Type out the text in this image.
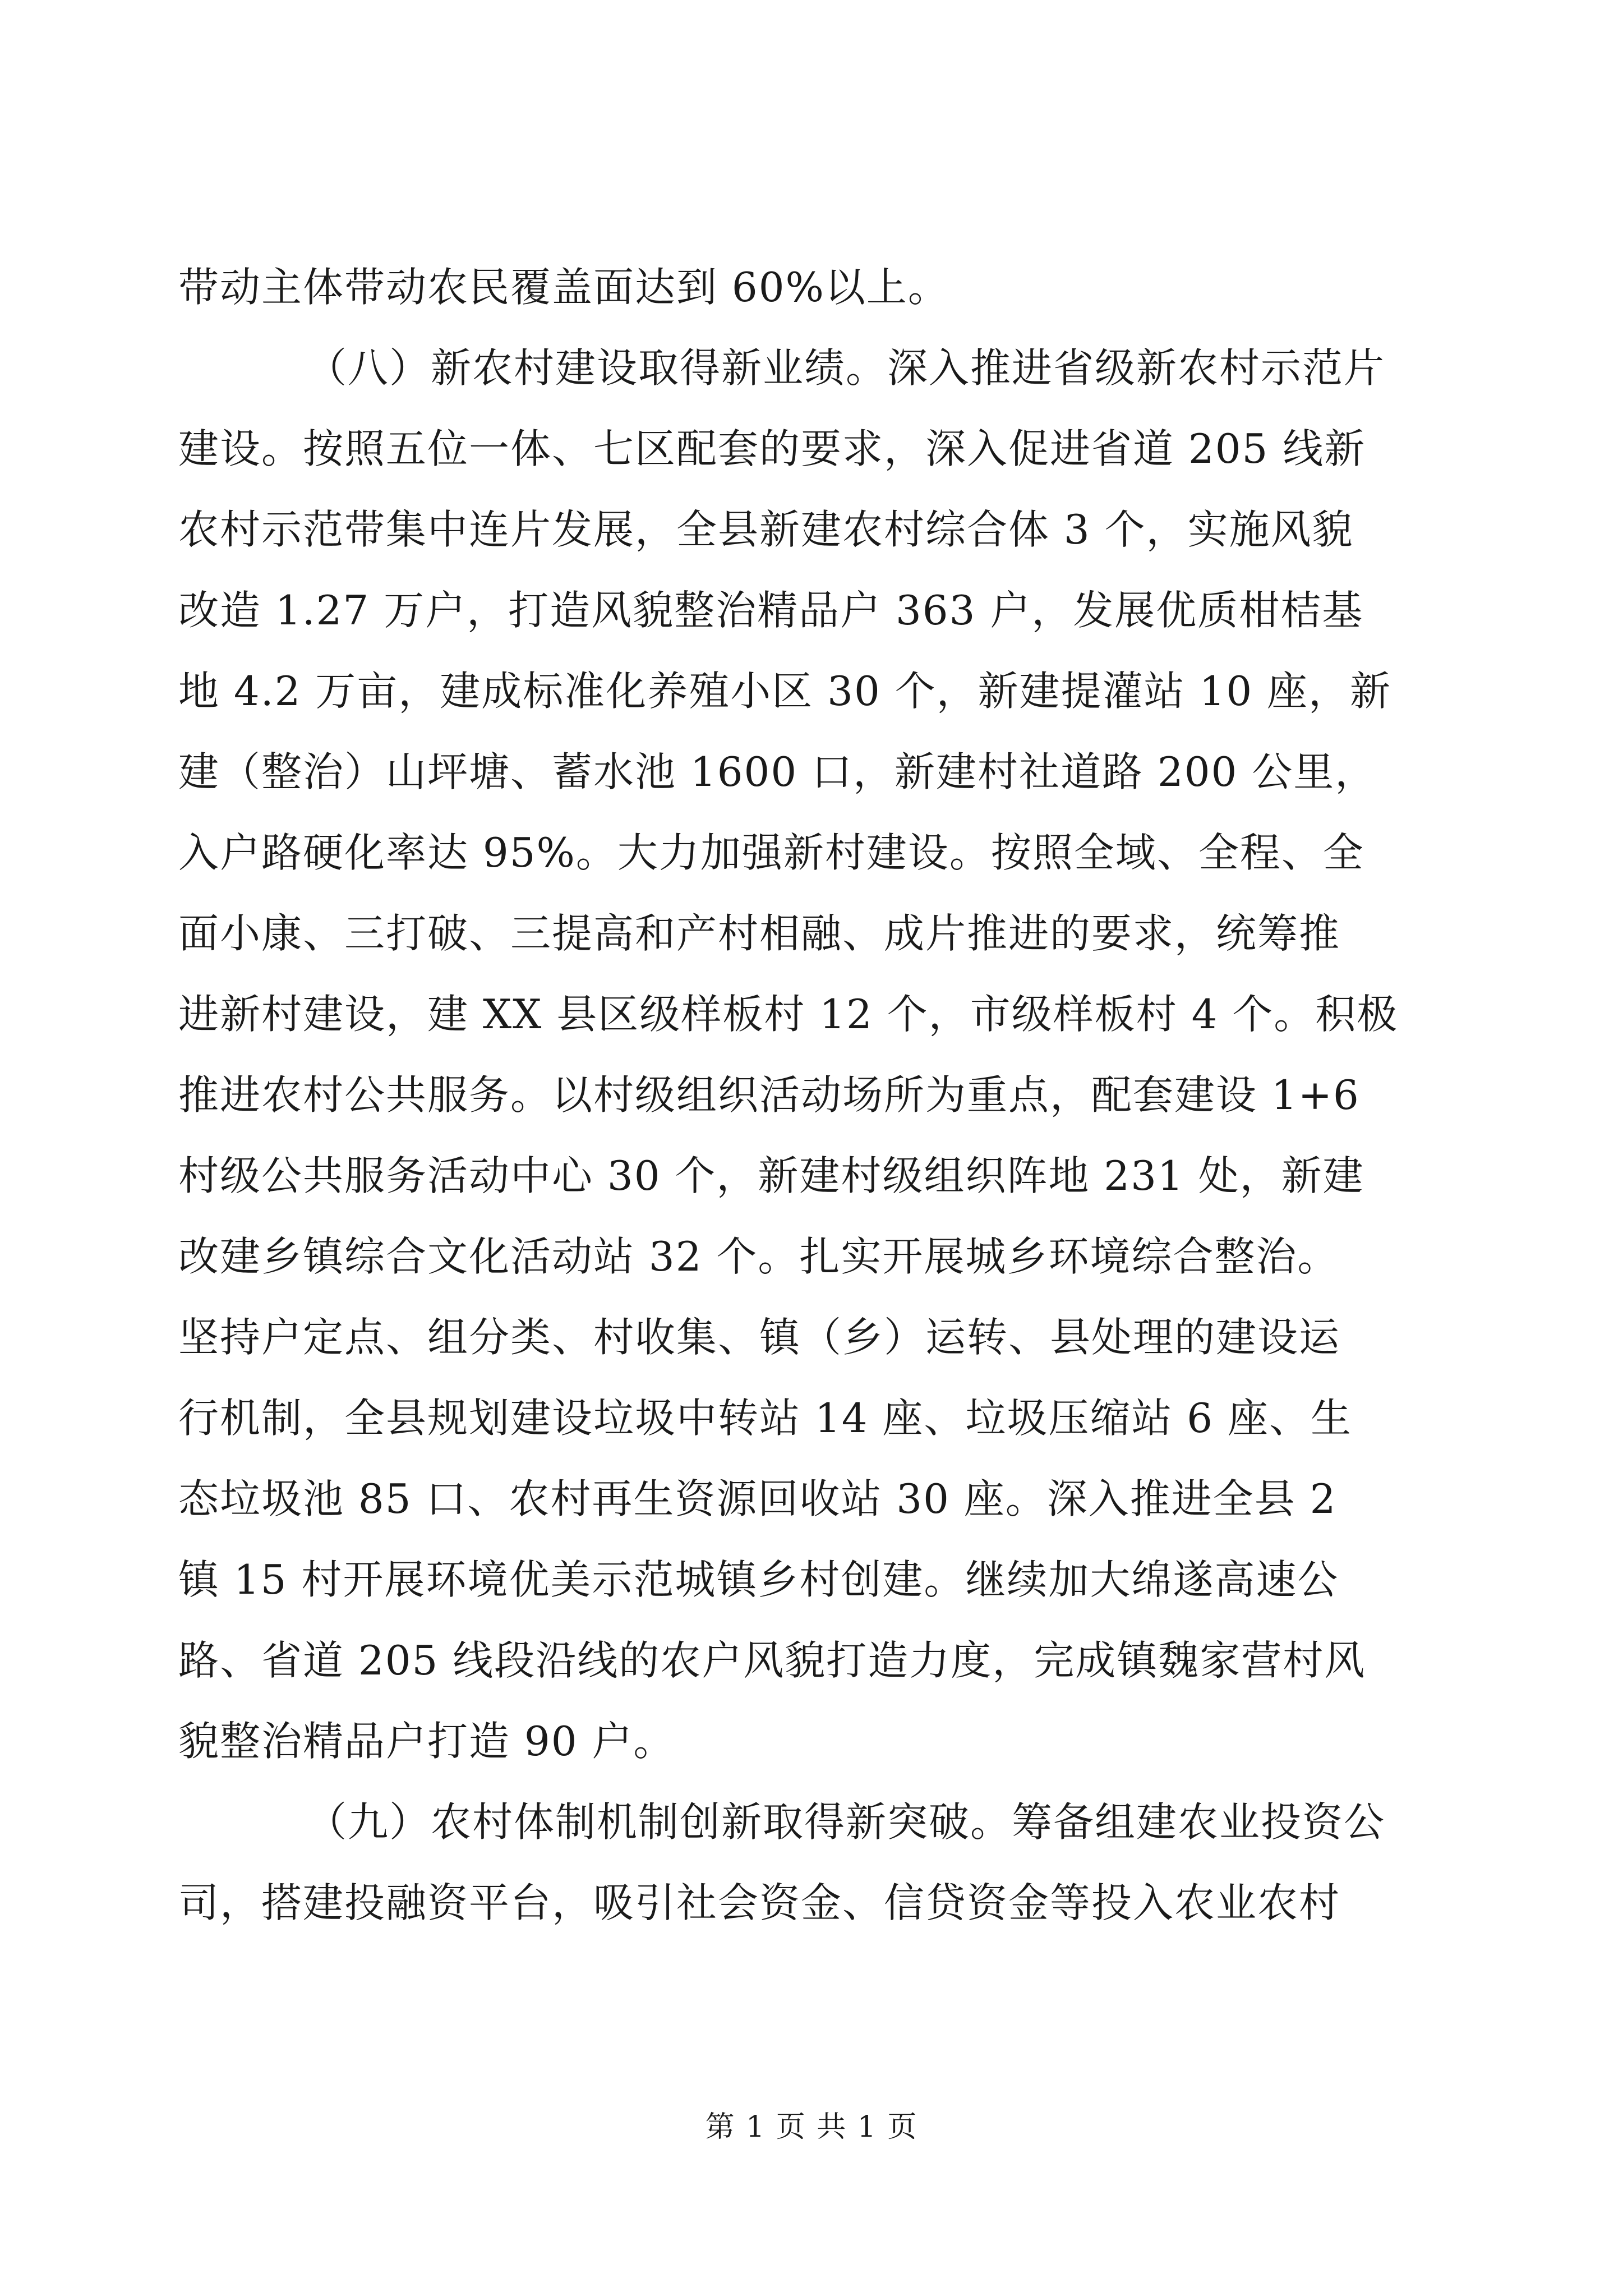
带动主体带动农民覆盖面达到 60%以上。
（八）新农村建设取得新业绩。深入推进省级新农村示范片
建设。按照五位一体、七区配套的要求，深入促进省道 205 线新
农村示范带集中连片发展，全县新建农村综合体 3 个，实施风貌
改造 1.27 万户，打造风貌整治精品户 363 户，发展优质柑桔基
地 4.2 万亩，建成标准化养殖小区 30 个，新建提灌站 10 座，新
建（整治）山坪塘、蓄水池 1600 口，新建村社道路 200 公里，
入户路硬化率达 95%。大力加强新村建设。按照全域、全程、全
面小康、三打破、三提高和产村相融、成片推进的要求，统筹推
进新村建设，建 XX 县区级样板村 12 个，市级样板村 4 个。积极
推进农村公共服务。以村级组织活动场所为重点，配套建设 1+6
村级公共服务活动中心 30 个，新建村级组织阵地 231 处，新建
改建乡镇综合文化活动站 32 个。扎实开展城乡环境综合整治。
坚持户定点、组分类、村收集、镇（乡）运转、县处理的建设运
行机制，全县规划建设垃圾中转站 14 座、垃圾压缩站 6 座、生
态垃圾池 85 口、农村再生资源回收站 30 座。深入推进全县 2
镇 15 村开展环境优美示范城镇乡村创建。继续加大绵遂高速公
路、省道 205 线段沿线的农户风貌打造力度，完成镇魏家营村风
貌整治精品户打造 90 户。
（九）农村体制机制创新取得新突破。筹备组建农业投资公
司，搭建投融资平台，吸引社会资金、信贷资金等投入农业农村
第 1 页 共 1 页
